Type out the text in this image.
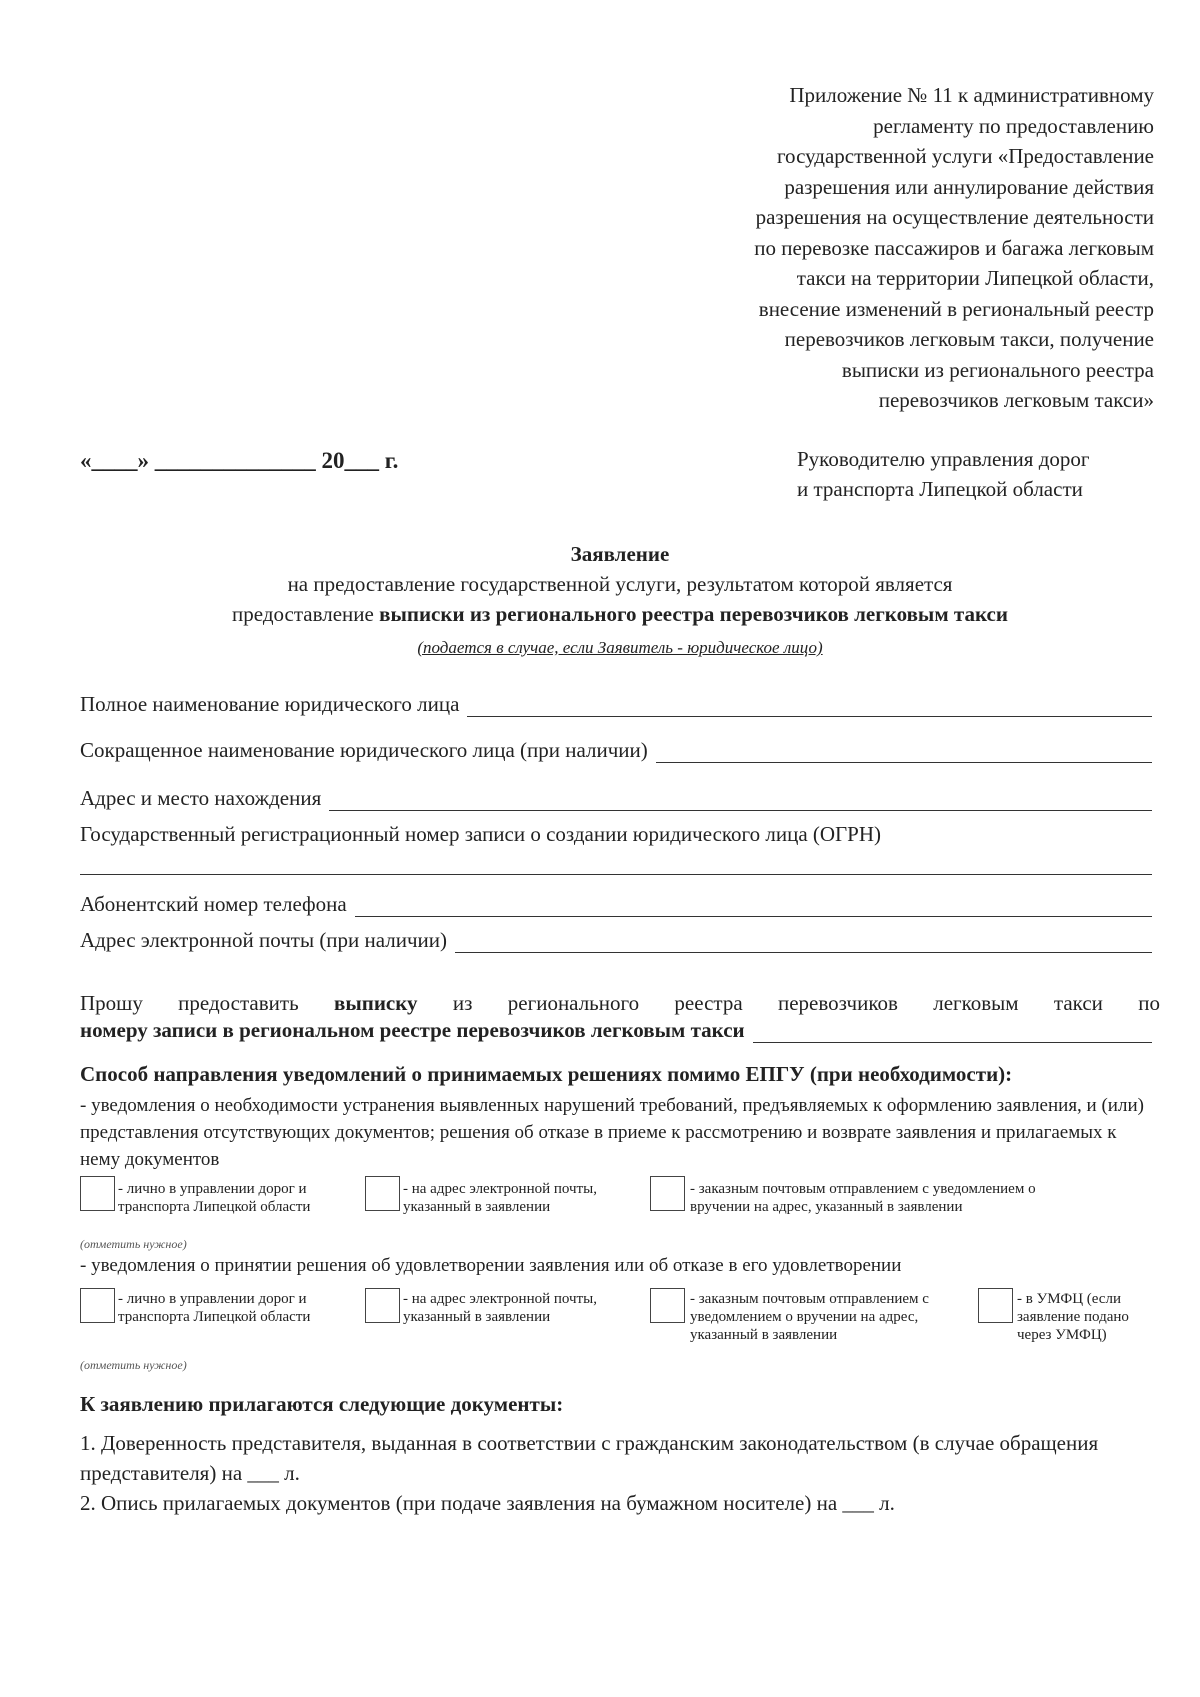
Приложение № 11 к административному
регламенту по предоставлению
государственной услуги «Предоставление
разрешения или аннулирование действия
разрешения на осуществление деятельности
по перевозке пассажиров и багажа легковым
такси на территории Липецкой области,
внесение изменений в региональный реестр
перевозчиков легковым такси, получение
выписки из регионального реестра
перевозчиков легковым такси»
«____» ______________ 20___ г.	Руководителю управления дорог
и транспорта Липецкой области
Заявление
на предоставление государственной услуги, результатом которой является
предоставление выписки из регионального реестра перевозчиков легковым такси
(подается в случае, если Заявитель - юридическое лицо)
Полное наименование юридического лица
Сокращенное наименование юридического лица (при наличии)
Адрес и место нахождения
Государственный регистрационный номер записи о создании юридического лица (ОГРН)
Абонентский номер телефона
Адрес электронной почты (при наличии)
Прошу предоставить выписку из регионального реестра перевозчиков легковым такси по
номеру записи в региональном реестре перевозчиков легковым такси
Способ направления уведомлений о принимаемых решениях помимо ЕПГУ (при необходимости):
- уведомления о необходимости устранения выявленных нарушений требований, предъявляемых к оформлению заявления, и (или) представления отсутствующих документов; решения об отказе в приеме к рассмотрению и возврате заявления и прилагаемых к нему документов
- лично в управлении дорог и
транспорта Липецкой области
- на адрес электронной почты,
указанный в заявлении
- заказным почтовым отправлением с уведомлением о
вручении на адрес, указанный в заявлении
(отметить нужное)
- уведомления о принятии решения об удовлетворении заявления или об отказе в его удовлетворении
- лично в управлении дорог и
транспорта Липецкой области
- на адрес электронной почты,
указанный в заявлении
- заказным почтовым отправлением с
уведомлением о вручении на адрес,
указанный в заявлении
- в УМФЦ (если
заявление подано
через УМФЦ)
(отметить нужное)
К заявлению прилагаются следующие документы:
1. Доверенность представителя, выданная в соответствии с гражданским законодательством (в случае обращения представителя) на ___ л.
2. Опись прилагаемых документов (при подаче заявления на бумажном носителе) на ___ л.
